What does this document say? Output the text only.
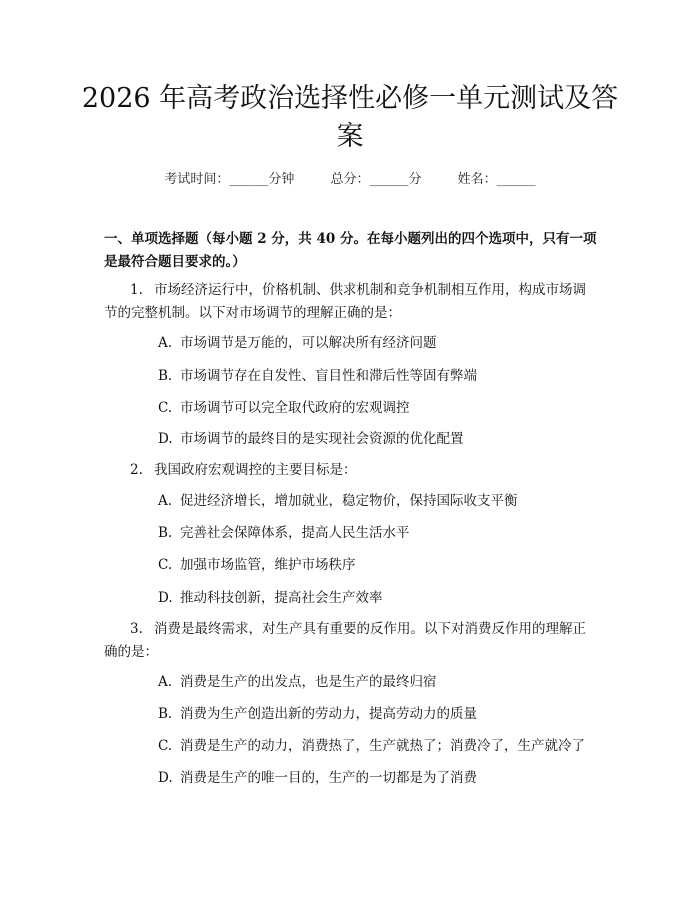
2026 年高考政治选择性必修一单元测试及答
案
考试时间：______分钟	总分：______分	姓名：______
一、单项选择题（每小题 2 分，共 40 分。在每小题列出的四个选项中，只有一项
是最符合题目要求的。）
1. 市场经济运行中，价格机制、供求机制和竞争机制相互作用，构成市场调
节的完整机制。以下对市场调节的理解正确的是：
A. 市场调节是万能的，可以解决所有经济问题
B. 市场调节存在自发性、盲目性和滞后性等固有弊端
C. 市场调节可以完全取代政府的宏观调控
D. 市场调节的最终目的是实现社会资源的优化配置
2. 我国政府宏观调控的主要目标是：
A. 促进经济增长，增加就业，稳定物价，保持国际收支平衡
B. 完善社会保障体系，提高人民生活水平
C. 加强市场监管，维护市场秩序
D. 推动科技创新，提高社会生产效率
3. 消费是最终需求，对生产具有重要的反作用。以下对消费反作用的理解正
确的是：
A. 消费是生产的出发点，也是生产的最终归宿
B. 消费为生产创造出新的劳动力，提高劳动力的质量
C. 消费是生产的动力，消费热了，生产就热了；消费冷了，生产就冷了
D. 消费是生产的唯一目的，生产的一切都是为了消费
